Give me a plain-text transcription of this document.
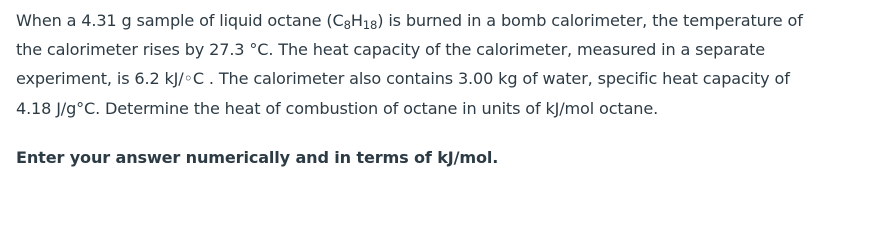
When a 4.31 g sample of liquid octane $(C_8H_{18})$ is burned in a bomb calorimeter, the temperature of
the calorimeter rises by 27.3 °C. The heat capacity of the calorimeter, measured in a separate
experiment, is 6.2 kJ/◦C . The calorimeter also contains 3.00 kg of water, specific heat capacity of
4.18 J/g°C. Determine the heat of combustion of octane in units of kJ/mol octane.

Enter your answer numerically and in terms of kJ/mol.
